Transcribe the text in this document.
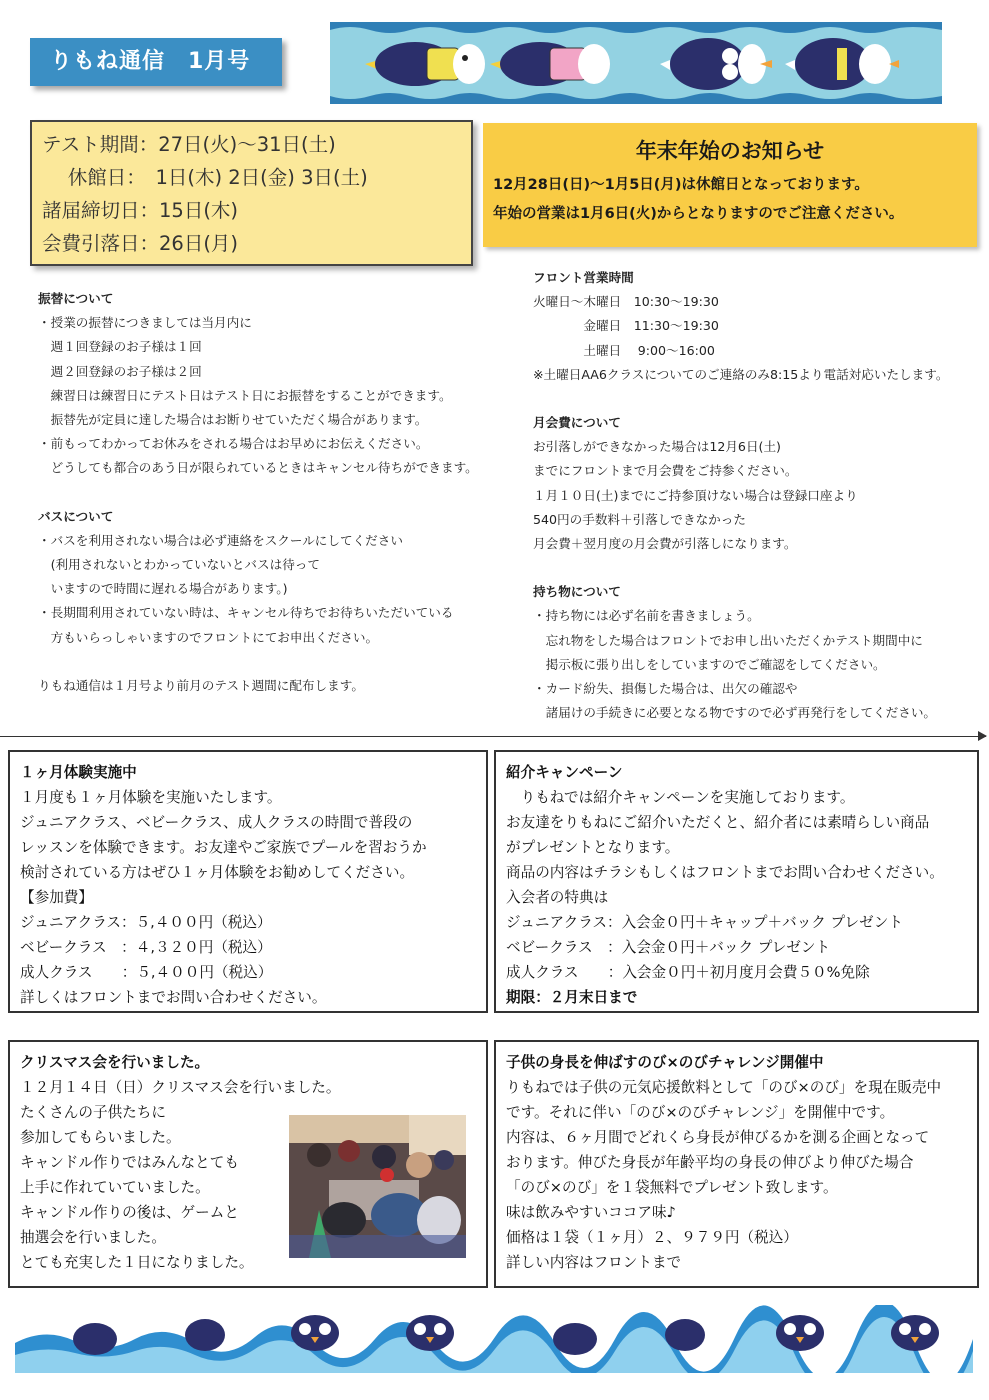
りもね通信　1月号
テスト期間：27日(火)〜31日(土)
　 休館日：　1日(木) 2日(金) 3日(土)
諸届締切日：15日(木)
会費引落日：26日(月)
年末年始のお知らせ
12月28日(日)〜1月5日(月)は休館日となっております。
年始の営業は1月6日(火)からとなりますのでご注意ください。
振替について
・授業の振替につきましては当月内に
　週１回登録のお子様は１回
　週２回登録のお子様は２回
　練習日は練習日にテスト日はテスト日にお振替をすることができます。
　振替先が定員に達した場合はお断りせていただく場合があります。
・前もってわかってお休みをされる場合はお早めにお伝えください。
　どうしても都合のあう日が限られているときはキャンセル待ちができます。
バスについて
・バスを利用されない場合は必ず連絡をスクールにしてください
　(利用されないとわかっていないとバスは待って
　いますので時間に遅れる場合があります。)
・長期間利用されていない時は、キャンセル待ちでお待ちいただいている
　方もいらっしゃいますのでフロントにてお申出ください。
りもね通信は１月号より前月のテスト週間に配布します。
フロント営業時間
火曜日〜木曜日　10:30〜19:30
　　　　金曜日　11:30〜19:30
　　　　土曜日　 9:00〜16:00
※土曜日AA6クラスについてのご連絡のみ8:15より電話対応いたします。
月会費について
お引落しができなかった場合は12月6日(土)
までにフロントまで月会費をご持参ください。
１月１０日(土)までにご持参頂けない場合は登録口座より
540円の手数料＋引落しできなかった
月会費＋翌月度の月会費が引落しになります。
持ち物について
・持ち物には必ず名前を書きましょう。
　忘れ物をした場合はフロントでお申し出いただくかテスト期間中に
　掲示板に張り出しをしていますのでご確認をしてください。
・カード紛失、損傷した場合は、出欠の確認や
　諸届けの手続きに必要となる物ですので必ず再発行をしてください。

１ヶ月体験実施中

１月度も１ヶ月体験を実施いたします。

ジュニアクラス、ベビークラス、成人クラスの時間で普段の

レッスンを体験できます。お友達やご家族でプールを習おうか

検討されている方はぜひ１ヶ月体験をお勧めしてください。

【参加費】

ジュニアクラス：５,４００円（税込）

ベビークラス　：４,３２０円（税込）

成人クラス　　：５,４００円（税込）

詳しくはフロントまでお問い合わせください。

紹介キャンペーン

　りもねでは紹介キャンペーンを実施しております。

お友達をりもねにご紹介いただくと、紹介者には素晴らしい商品

がプレゼントとなります。

商品の内容はチラシもしくはフロントまでお問い合わせください。

入会者の特典は

ジュニアクラス：入会金０円＋キャップ＋バック プレゼント

ベビークラス　：入会金０円＋バック プレゼント

成人クラス　　：入会金０円＋初月度月会費５０%免除

期限：２月末日まで

クリスマス会を行いました。

１２月１４日（日）クリスマス会を行いました。

たくさんの子供たちに

参加してもらいました。

キャンドル作りではみんなとても

上手に作れていていました。

キャンドル作りの後は、ゲームと

抽選会を行いました。

とても充実した１日になりました。

子供の身長を伸ばすのび×のびチャレンジ開催中

りもねでは子供の元気応援飲料として「のび×のび」を現在販売中

です。それに伴い「のび×のびチャレンジ」を開催中です。

内容は、６ヶ月間でどれくら身長が伸びるかを測る企画となって

おります。伸びた身長が年齢平均の身長の伸びより伸びた場合

「のび×のび」を１袋無料でプレゼント致します。

味は飲みやすいココア味♪

価格は１袋（１ヶ月）２、９７９円（税込）

詳しい内容はフロントまで
